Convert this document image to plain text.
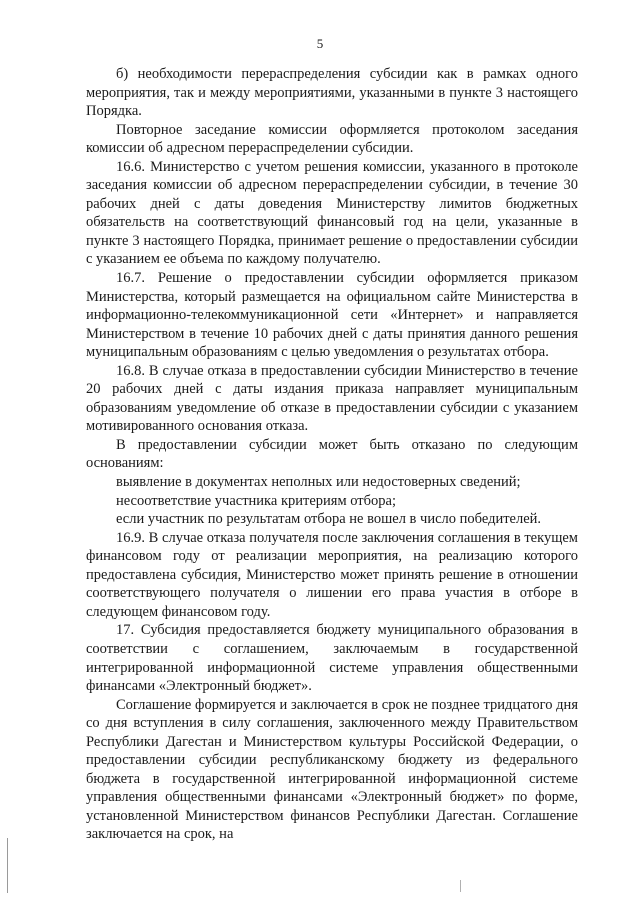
5

б) необходимости перераспределения субсидии как в рамках одного мероприятия, так и между мероприятиями, указанными в пункте 3 настоящего Порядка.

Повторное заседание комиссии оформляется протоколом заседания комиссии об адресном перераспределении субсидии.

16.6. Министерство с учетом решения комиссии, указанного в протоколе заседания комиссии об адресном перераспределении субсидии, в течение 30 рабочих дней с даты доведения Министерству лимитов бюджетных обязательств на соответствующий финансовый год на цели, указанные в пункте 3 настоящего Порядка, принимает решение о предоставлении субсидии с указанием ее объема по каждому получателю.

16.7. Решение о предоставлении субсидии оформляется приказом Министерства, который размещается на официальном сайте Министерства в информационно-телекоммуникационной сети «Интернет» и направляется Министерством в течение 10 рабочих дней с даты принятия данного решения муниципальным образованиям с целью уведомления о результатах отбора.

16.8. В случае отказа в предоставлении субсидии Министерство в течение 20 рабочих дней с даты издания приказа направляет муниципальным образованиям уведомление об отказе в предоставлении субсидии с указанием мотивированного основания отказа.

В предоставлении субсидии может быть отказано по следующим основаниям:

выявление в документах неполных или недостоверных сведений;

несоответствие участника критериям отбора;

если участник по результатам отбора не вошел в число победителей.

16.9. В случае отказа получателя после заключения соглашения в текущем финансовом году от реализации мероприятия, на реализацию которого предоставлена субсидия, Министерство может принять решение в отношении соответствующего получателя о лишении его права участия в отборе в следующем финансовом году.

17. Субсидия предоставляется бюджету муниципального образования в соответствии с соглашением, заключаемым в государственной интегрированной информационной системе управления общественными финансами «Электронный бюджет».

Соглашение формируется и заключается в срок не позднее тридцатого дня со дня вступления в силу соглашения, заключенного между Правительством Республики Дагестан и Министерством культуры Российской Федерации, о предоставлении субсидии республиканскому бюджету из федерального бюджета в государственной интегрированной информационной системе управления общественными финансами «Электронный бюджет» по форме, установленной Министерством финансов Республики Дагестан. Соглашение заключается на срок, на
